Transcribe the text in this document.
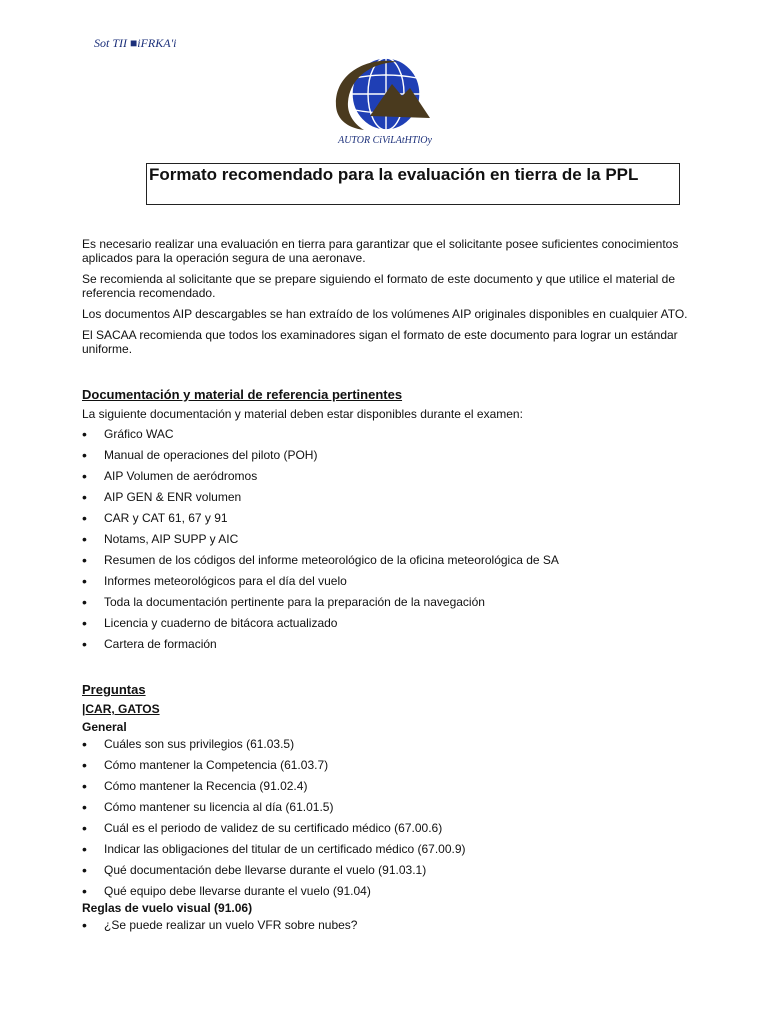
Sot TII ■iFRKA'i
AUTOR CiViLAtHTlOy
Formato recomendado para la evaluación en tierra de la PPL

Es necesario realizar una evaluación en tierra para garantizar que el solicitante posee suficientes conocimientos aplicados para la operación segura de una aeronave.

Se recomienda al solicitante que se prepare siguiendo el formato de este documento y que utilice el material de referencia recomendado.

Los documentos AIP descargables se han extraído de los volúmenes AIP originales disponibles en cualquier ATO.

El SACAA recomienda que todos los examinadores sigan el formato de este documento para lograr un estándar uniforme.

Documentación y material de referencia pertinentes

La siguiente documentación y material deben estar disponibles durante el examen:

• Gráfico WAC
• Manual de operaciones del piloto (POH)
• AIP Volumen de aeródromos
• AIP GEN & ENR volumen
• CAR y CAT 61, 67 y 91
• Notams, AIP SUPP y AIC
• Resumen de los códigos del informe meteorológico de la oficina meteorológica de SA
• Informes meteorológicos para el día del vuelo
• Toda la documentación pertinente para la preparación de la navegación
• Licencia y cuaderno de bitácora actualizado
• Cartera de formación
Preguntas
|CAR, GATOS
General
• Cuáles son sus privilegios (61.03.5)
• Cómo mantener la Competencia (61.03.7)
• Cómo mantener la Recencia (91.02.4)
• Cómo mantener su licencia al día (61.01.5)
• Cuál es el periodo de validez de su certificado médico (67.00.6)
• Indicar las obligaciones del titular de un certificado médico (67.00.9)
• Qué documentación debe llevarse durante el vuelo (91.03.1)
• Qué equipo debe llevarse durante el vuelo (91.04)
Reglas de vuelo visual (91.06)
• ¿Se puede realizar un vuelo VFR sobre nubes?
